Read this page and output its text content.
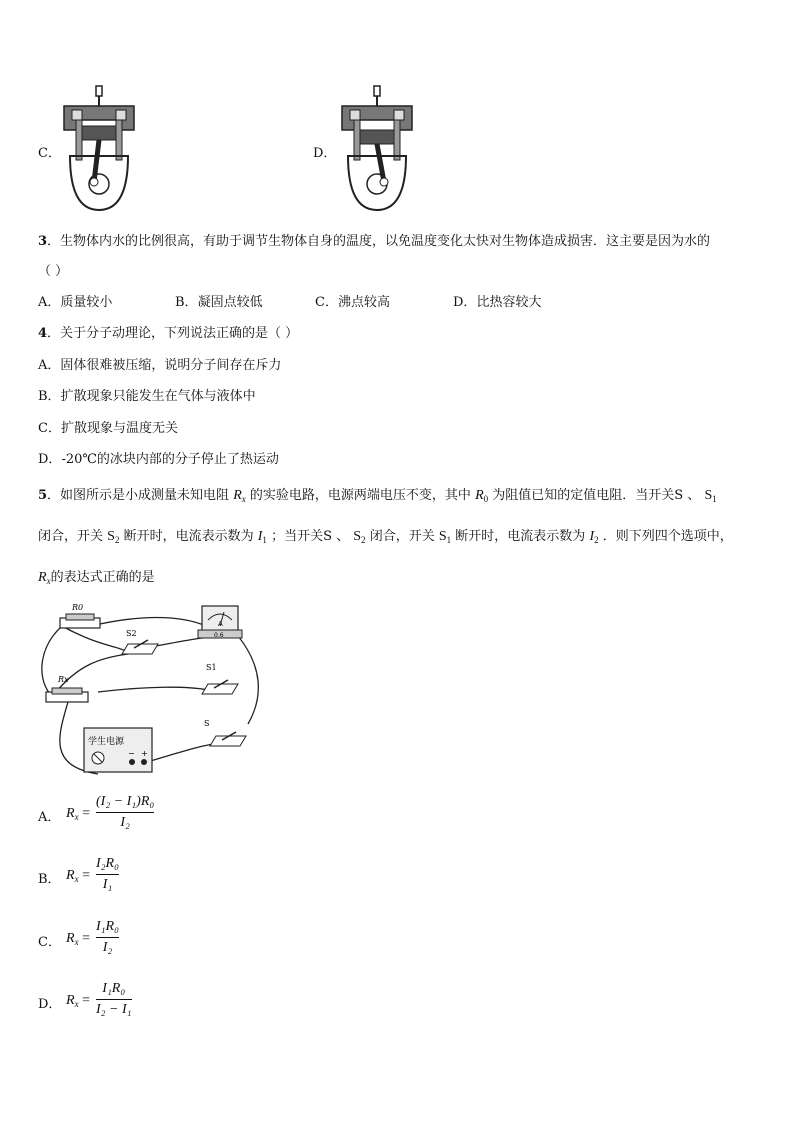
C．	D．
3．生物体内水的比例很高，有助于调节生物体自身的温度，以免温度变化太快对生物体造成损害．这主要是因为水的
（ ）
A．质量较小	B．凝固点较低	C．沸点较高	D．比热容较大
4．关于分子动理论，下列说法正确的是（ ）
A．固体很难被压缩，说明分子间存在斥力
B．扩散现象只能发生在气体与液体中
C．扩散现象与温度无关
D．-20℃的冰块内部的分子停止了热运动
5．如图所示是小成测量未知电阻 $R_x$ 的实验电路，电源两端电压不变，其中 $R_0$ 为阻值已知的定值电阻．当开关S 、 $S_1$
闭合，开关 $S_2$ 断开时，电流表示数为 $I_1$ ；当开关S 、 $S_2$ 闭合，开关 $S_1$ 断开时，电流表示数为 $I_2$ ．则下列四个选项中，
$R_x$的表达式正确的是
R0
A
0.6
S2
S1
Rx
S
学生电源
− +
A． $R_x$ =
(I₂ − I₁)R₀
I₂
B． $R_x$ =
I₂R₀
I₁
C． $R_x$ =
I₁R₀
I₂
D． $R_x$ =
I₁R₀
I₂ − I₁
